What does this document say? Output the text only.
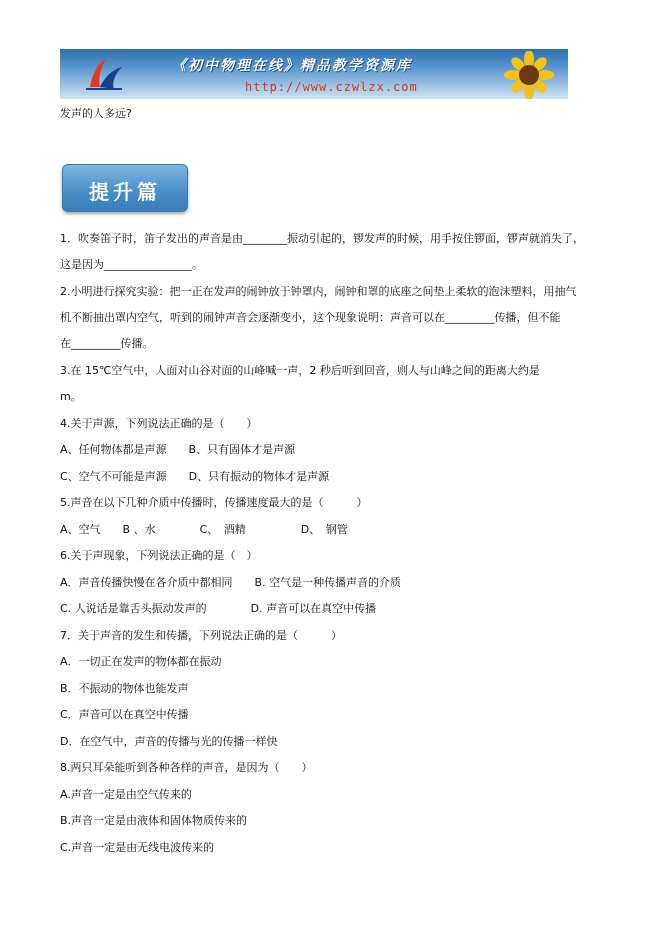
《初中物理在线》精品教学资源库
http://www.czwlzx.com
发声的人多远?
提升篇
1．吹奏笛子时，笛子发出的声音是由________振动引起的，锣发声的时候，用手按住锣面，锣声就消失了，
这是因为________________。
2.小明进行探究实验：把一正在发声的闹钟放于钟罩内，闹钟和罩的底座之间垫上柔软的泡沫塑料，用抽气
机不断抽出罩内空气，听到的闹钟声音会逐渐变小，这个现象说明：声音可以在_________传播，但不能
在_________传播。
3.在 15℃空气中，人面对山谷对面的山峰喊一声，2 秒后听到回音，则人与山峰之间的距离大约是
m。
4.关于声源，下列说法正确的是（　　）
A、任何物体都是声源　　B、只有固体才是声源
C、空气不可能是声源　　D、只有振动的物体才是声源
5.声音在以下几种介质中传播时，传播速度最大的是（　　　）
A、空气　　B 、水　　　　C、　酒精　　　　　D、　钢管
6.关于声现象，下列说法正确的是（　）
A．声音传播快慢在各介质中都相同　　B. 空气是一种传播声音的介质
C. 人说话是靠舌头振动发声的　　　　D. 声音可以在真空中传播
7．关于声音的发生和传播，下列说法正确的是（　　　）
A．一切正在发声的物体都在振动
B．不振动的物体也能发声
C．声音可以在真空中传播
D．在空气中，声音的传播与光的传播一样快
8.两只耳朵能听到各种各样的声音，是因为（　　）
A.声音一定是由空气传来的
B.声音一定是由液体和固体物质传来的
C.声音一定是由无线电波传来的
